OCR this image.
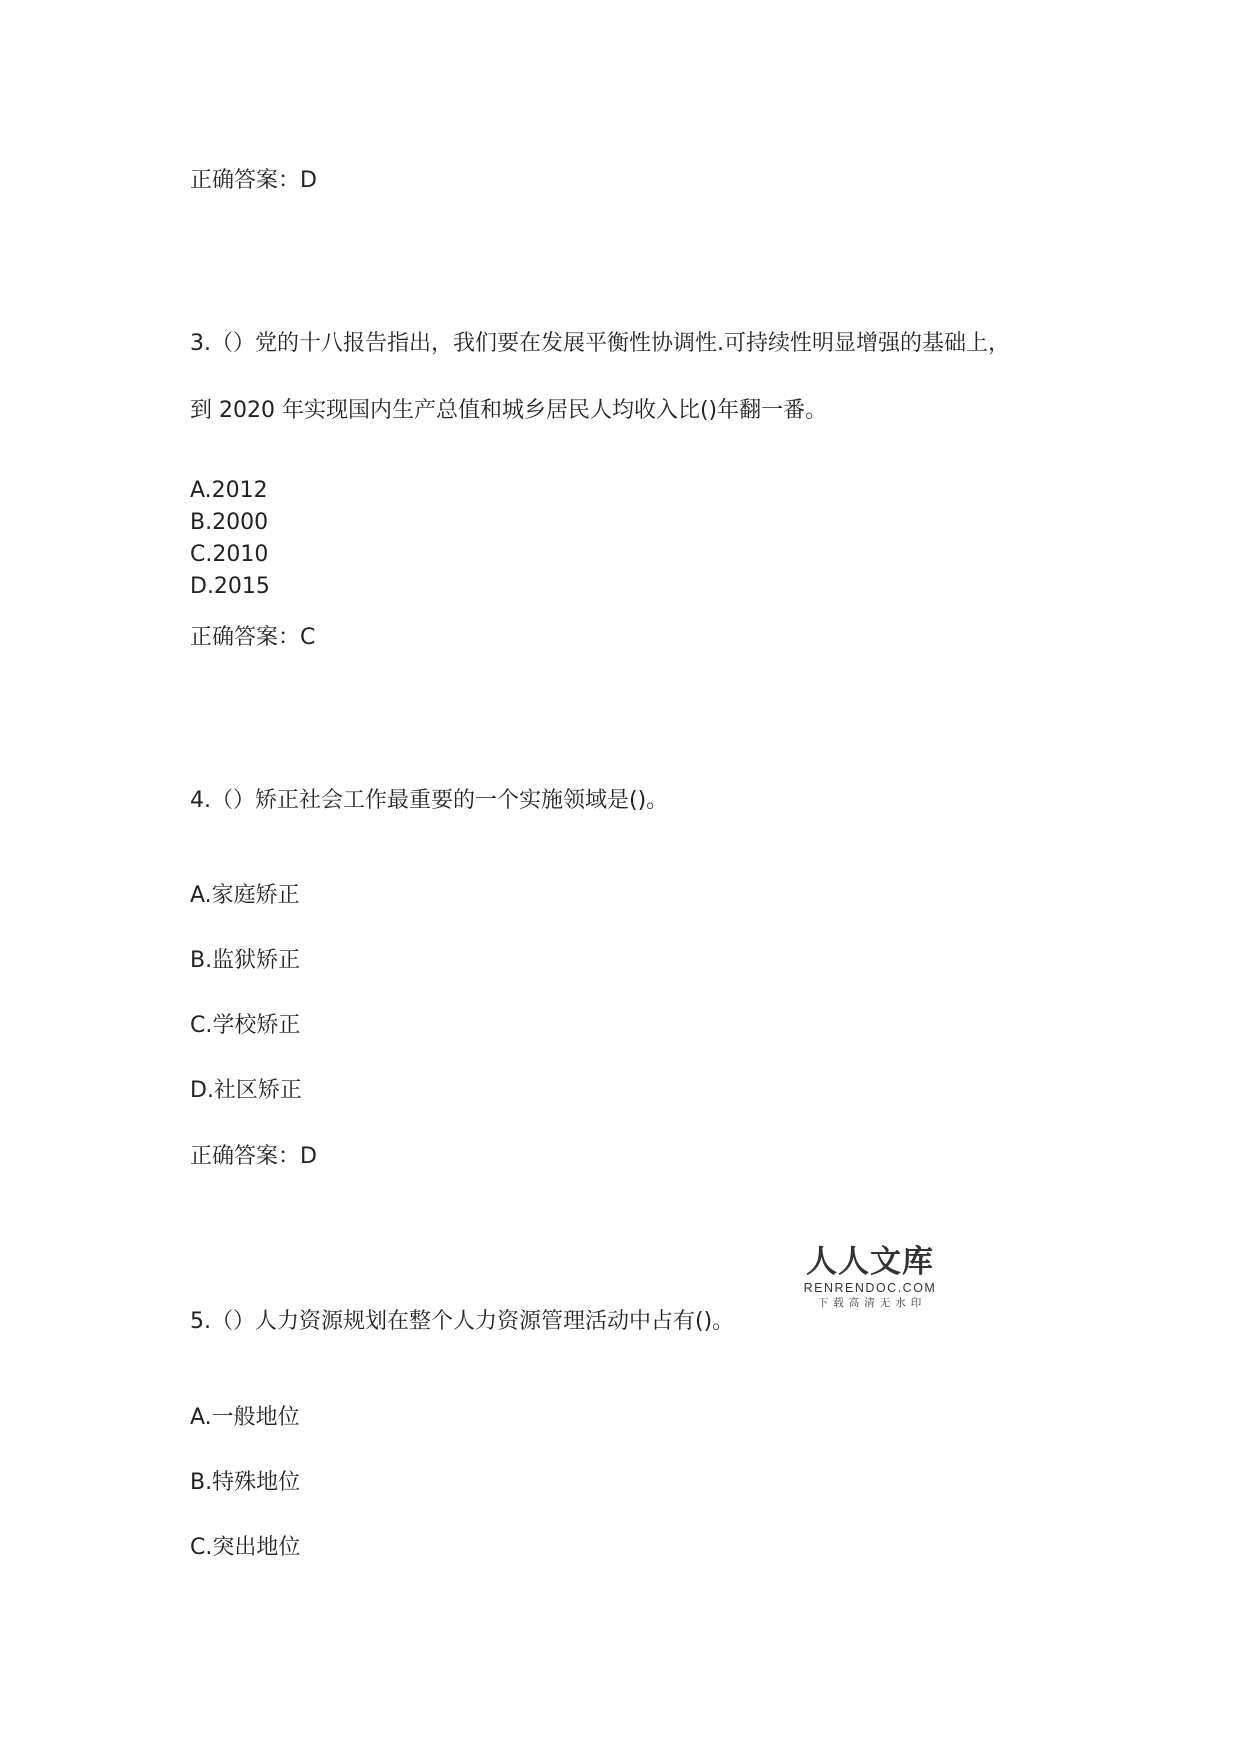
正确答案：D
3.（）党的十八报告指出，我们要在发展平衡性协调性.可持续性明显增强的基础上，
到 2020 年实现国内生产总值和城乡居民人均收入比()年翻一番。
A.2012
B.2000
C.2010
D.2015
正确答案：C
4.（）矫正社会工作最重要的一个实施领域是()。
A.家庭矫正
B.监狱矫正
C.学校矫正
D.社区矫正
正确答案：D
人人文库
RENRENDOC.COM
下载高清无水印
5.（）人力资源规划在整个人力资源管理活动中占有()。
A.一般地位
B.特殊地位
C.突出地位
